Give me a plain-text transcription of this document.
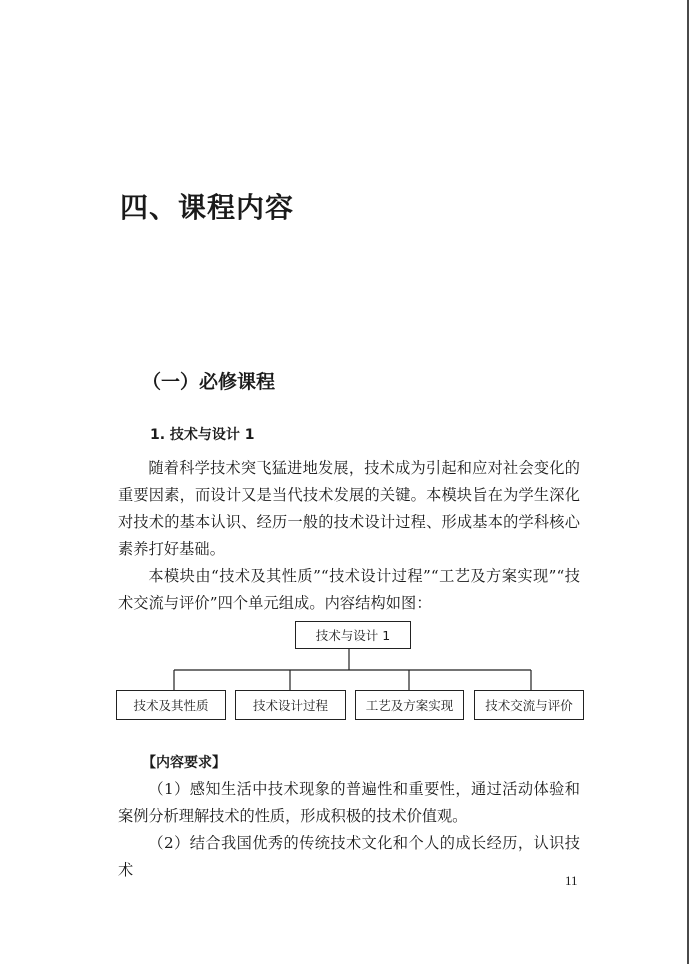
四、课程内容
（一）必修课程
1. 技术与设计 1

随着科学技术突飞猛进地发展，技术成为引起和应对社会变化的重要因素，而设计又是当代技术发展的关键。本模块旨在为学生深化对技术的基本认识、经历一般的技术设计过程、形成基本的学科核心素养打好基础。

本模块由“技术及其性质”“技术设计过程”“工艺及方案实现”“技术交流与评价”四个单元组成。内容结构如图：

技术与设计 1
技术及其性质	技术设计过程	工艺及方案实现	技术交流与评价
【内容要求】

（1）感知生活中技术现象的普遍性和重要性，通过活动体验和案例分析理解技术的性质，形成积极的技术价值观。

（2）结合我国优秀的传统技术文化和个人的成长经历，认识技术

11
